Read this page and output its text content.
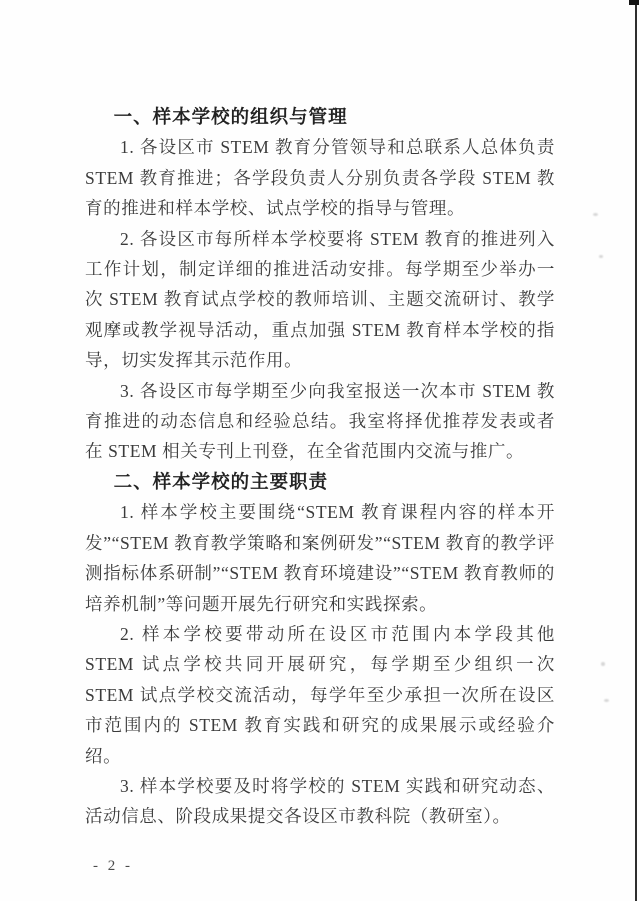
一、样本学校的组织与管理

1. 各设区市 STEM 教育分管领导和总联系人总体负责 STEM 教育推进；各学段负责人分别负责各学段 STEM 教育的推进和样本学校、试点学校的指导与管理。

2. 各设区市每所样本学校要将 STEM 教育的推进列入工作计划，制定详细的推进活动安排。每学期至少举办一次 STEM 教育试点学校的教师培训、主题交流研讨、教学观摩或教学视导活动，重点加强 STEM 教育样本学校的指导，切实发挥其示范作用。

3. 各设区市每学期至少向我室报送一次本市 STEM 教育推进的动态信息和经验总结。我室将择优推荐发表或者在 STEM 相关专刊上刊登，在全省范围内交流与推广。

二、样本学校的主要职责

1. 样本学校主要围绕“STEM 教育课程内容的样本开发”“STEM 教育教学策略和案例研发”“STEM 教育的教学评测指标体系研制”“STEM 教育环境建设”“STEM 教育教师的培养机制”等问题开展先行研究和实践探索。

2. 样本学校要带动所在设区市范围内本学段其他 STEM 试点学校共同开展研究，每学期至少组织一次 STEM 试点学校交流活动，每学年至少承担一次所在设区市范围内的 STEM 教育实践和研究的成果展示或经验介绍。

3. 样本学校要及时将学校的 STEM 实践和研究动态、活动信息、阶段成果提交各设区市教科院（教研室）。

- 2 -
